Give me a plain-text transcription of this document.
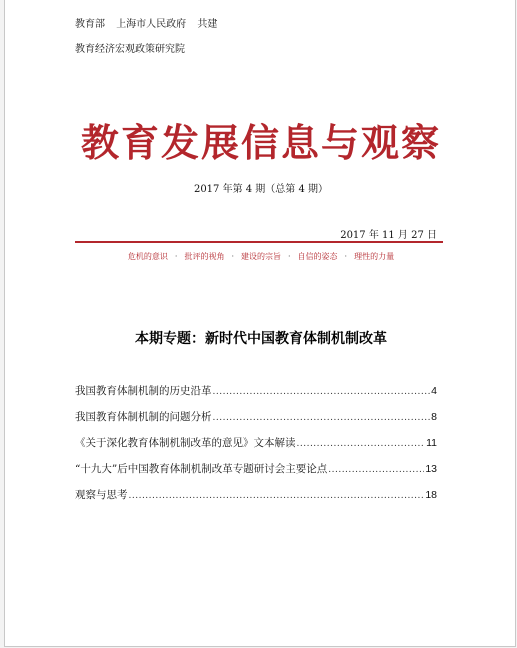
教育部 上海市人民政府 共建
教育经济宏观政策研究院
教育发展信息与观察
2017 年第 4 期（总第 4 期）
2017 年 11 月 27 日
危机的意识 · 批评的视角 · 建设的宗旨 · 自信的姿态 · 理性的力量
本期专题：新时代中国教育体制机制改革
我国教育体制机制的历史沿革 .....	4
我国教育体制机制的问题分析 .....	8
《关于深化教育体制机制改革的意见》文本解读 .....	11
“十九大”后中国教育体制机制改革专题研讨会主要论点 .....	13
观察与思考 .....	18
